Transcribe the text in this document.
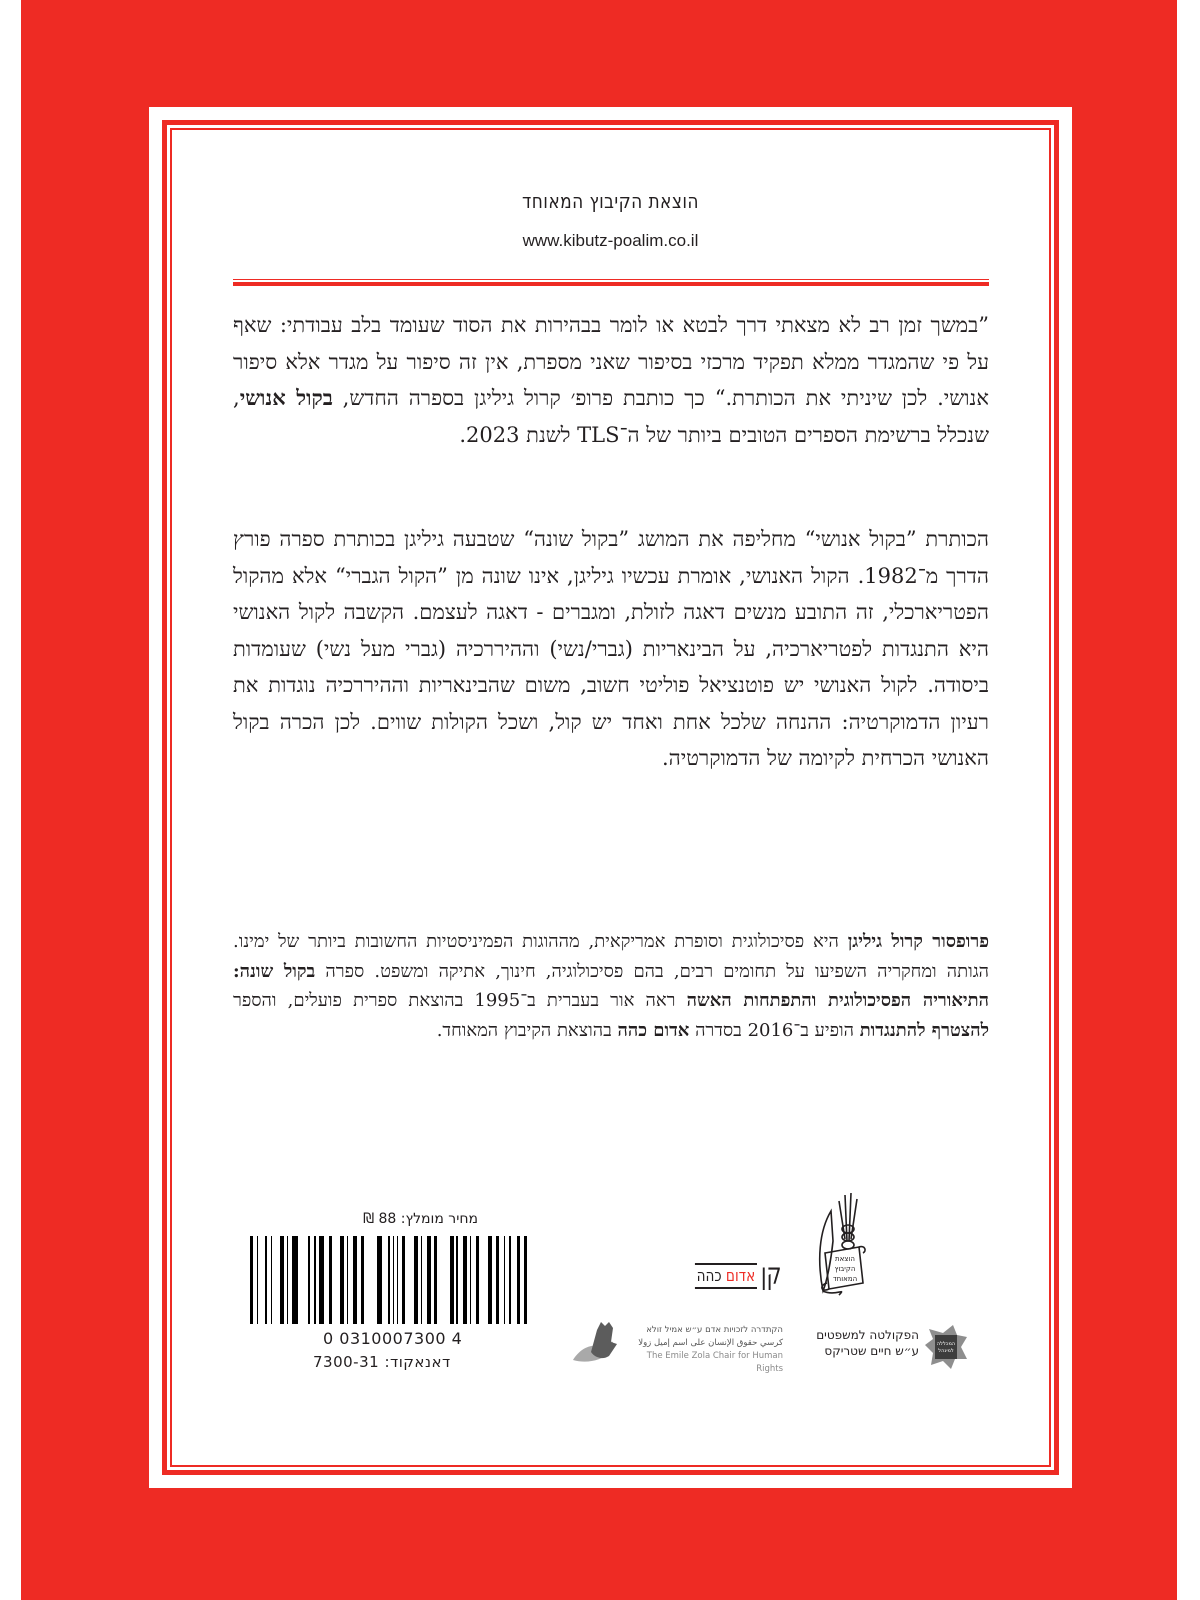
הוצאת הקיבוץ המאוחד
www.kibutz-poalim.co.il

”במשך זמן רב לא מצאתי דרך לבטא או לומר בבהירות את הסוד שעומד בלב עבודתי: שאף על פי שהמגדר ממלא תפקיד מרכזי בסיפור שאני מספרת, אין זה סיפור על מגדר אלא סיפור אנושי. לכן שיניתי את הכותרת.“ כך כותבת פרופ׳ קרול גיליגן בספרה החדש, בקול אנושי, שנכלל ברשימת הספרים הטובים ביותר של ה־TLS לשנת 2023.

הכותרת ”בקול אנושי“ מחליפה את המושג ”בקול שונה“ שטבעה גיליגן בכותרת ספרה פורץ הדרך מ־1982. הקול האנושי, אומרת עכשיו גיליגן, אינו שונה מן ”הקול הגברי“ אלא מהקול הפטריארכלי, זה התובע מנשים דאגה לזולת, ומגברים - דאגה לעצמם. הקשבה לקול האנושי היא התנגדות לפטריארכיה, על הבינאריות (גברי/נשי) וההיררכיה (גברי מעל נשי) שעומדות ביסודה. לקול האנושי יש פוטנציאל פוליטי חשוב, משום שהבינאריות וההיררכיה נוגדות את רעיון הדמוקרטיה: ההנחה שלכל אחת ואחד יש קול, ושכל הקולות שווים. לכן הכרה בקול האנושי הכרחית לקיומה של הדמוקרטיה.

פרופסור קרול גיליגן היא פסיכולוגית וסופרת אמריקאית, מההוגות הפמיניסטיות החשובות ביותר של ימינו. הגותה ומחקריה השפיעו על תחומים רבים, בהם פסיכולוגיה, חינוך, אתיקה ומשפט. ספרה בקול שונה: התיאוריה הפסיכולוגית והתפתחות האשה ראה אור בעברית ב־1995 בהוצאת ספרית פועלים, והספר להצטרף להתנגדות הופיע ב־2016 בסדרה אדום כהה בהוצאת הקיבוץ המאוחד.

מחיר מומלץ: 88 ₪
0 0310007300 4
דאנאקוד: 7300-31
הוצאת
הקיבוץ
המאוחד
קן
אדום כהה
הקתדרה לזכויות אדם ע״ש אמיל זולא
كرسي حقوق الإنسان على اسم إميل زولا
The Emile Zola Chair for Human Rights
הפקולטה למשפטים
ע״ש חיים שטריקס	המכללה
למינהל
